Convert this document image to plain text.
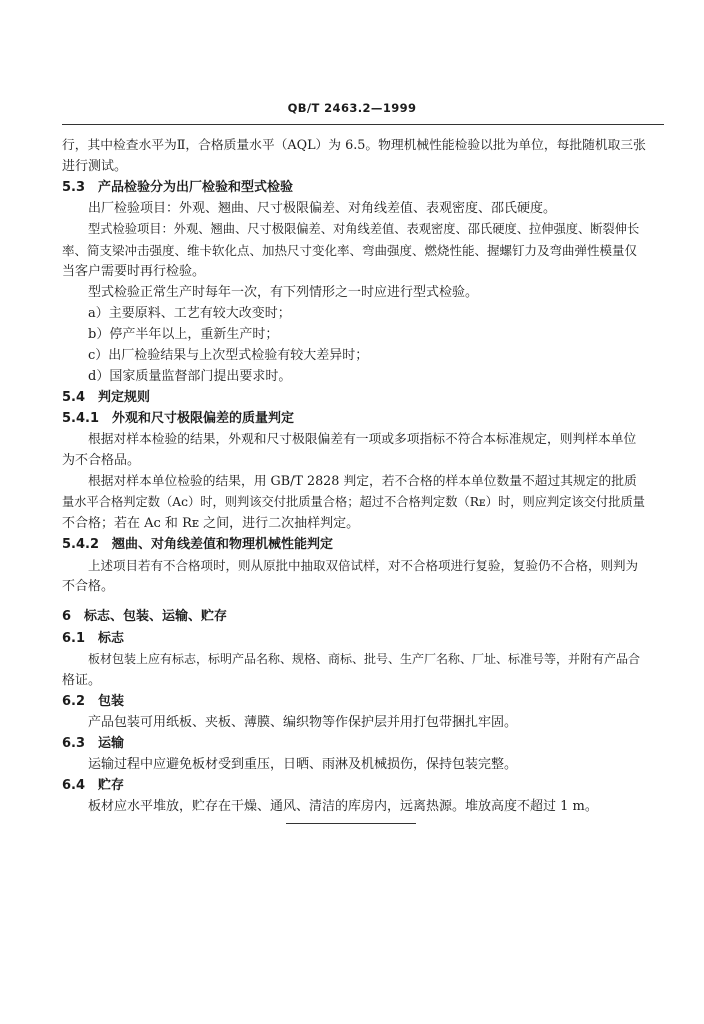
QB/T 2463.2—1999
行，其中检查水平为Ⅱ，合格质量水平（AQL）为 6.5。物理机械性能检验以批为单位，每批随机取三张
进行测试。
5.3　产品检验分为出厂检验和型式检验
出厂检验项目：外观、翘曲、尺寸极限偏差、对角线差值、表观密度、邵氏硬度。
型式检验项目：外观、翘曲、尺寸极限偏差、对角线差值、表观密度、邵氏硬度、拉伸强度、断裂伸长
率、简支梁冲击强度、维卡软化点、加热尺寸变化率、弯曲强度、燃烧性能、握螺钉力及弯曲弹性模量仅
当客户需要时再行检验。
型式检验正常生产时每年一次，有下列情形之一时应进行型式检验。
a）主要原料、工艺有较大改变时；
b）停产半年以上，重新生产时；
c）出厂检验结果与上次型式检验有较大差异时；
d）国家质量监督部门提出要求时。
5.4　判定规则
5.4.1　外观和尺寸极限偏差的质量判定
根据对样本检验的结果，外观和尺寸极限偏差有一项或多项指标不符合本标准规定，则判样本单位
为不合格品。
根据对样本单位检验的结果，用 GB/T 2828 判定，若不合格的样本单位数量不超过其规定的批质
量水平合格判定数（Aᴄ）时，则判该交付批质量合格；超过不合格判定数（Rᴇ）时，则应判定该交付批质量
不合格；若在 Aᴄ 和 Rᴇ 之间，进行二次抽样判定。
5.4.2　翘曲、对角线差值和物理机械性能判定
上述项目若有不合格项时，则从原批中抽取双倍试样，对不合格项进行复验，复验仍不合格，则判为
不合格。
6　标志、包装、运输、贮存
6.1　标志
板材包装上应有标志，标明产品名称、规格、商标、批号、生产厂名称、厂址、标准号等，并附有产品合
格证。
6.2　包装
产品包装可用纸板、夹板、薄膜、编织物等作保护层并用打包带捆扎牢固。
6.3　运输
运输过程中应避免板材受到重压，日晒、雨淋及机械损伤，保持包装完整。
6.4　贮存
板材应水平堆放，贮存在干燥、通风、清洁的库房内，远离热源。堆放高度不超过 1 m。
